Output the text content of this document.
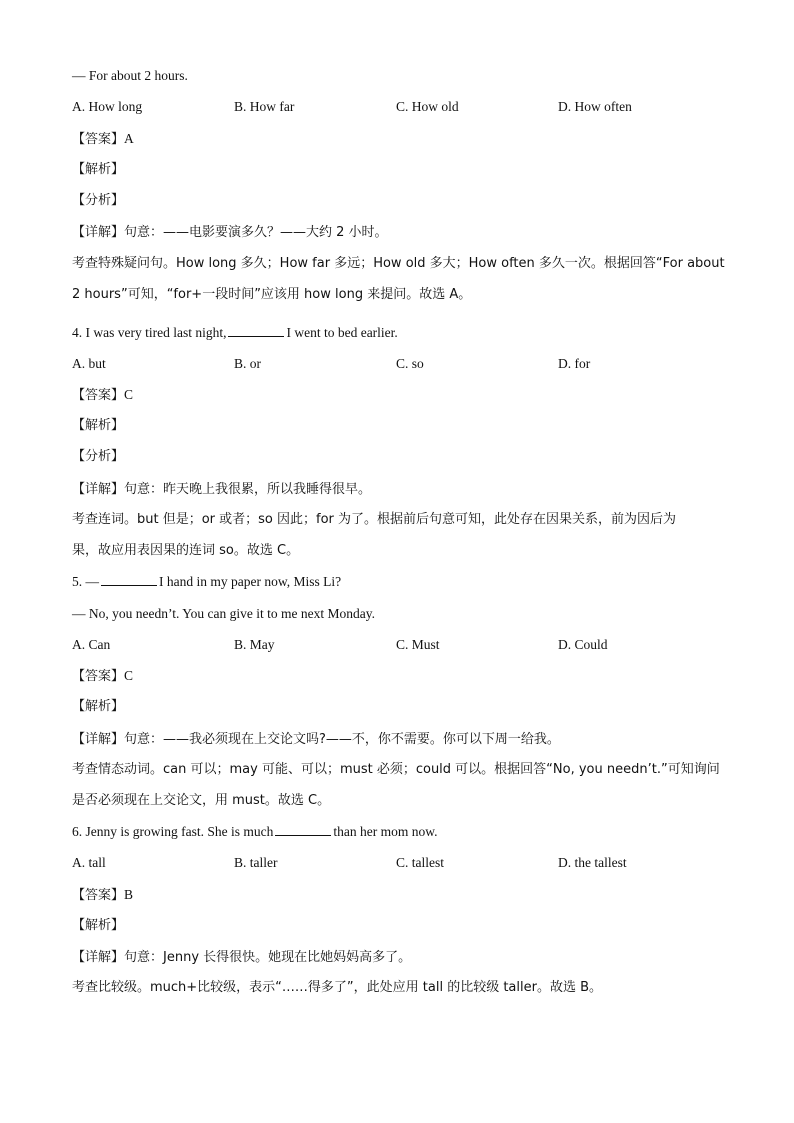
— For about 2 hours.
A. How long	B. How far	C. How old	D. How often
【答案】A
【解析】
【分析】
【详解】句意：——电影要演多久？——大约 2 小时。
考查特殊疑问句。How long 多久；How far 多远；How old 多大；How often 多久一次。根据回答“For about
2 hours”可知，“for+一段时间”应该用 how long 来提问。故选 A。
4. I was very tired last night,	I went to bed earlier.
A. but	B. or	C. so	D. for
【答案】C
【解析】
【分析】
【详解】句意：昨天晚上我很累，所以我睡得很早。
考查连词。but 但是；or 或者；so 因此；for 为了。根据前后句意可知，此处存在因果关系，前为因后为
果，故应用表因果的连词 so。故选 C。
5. —	I hand in my paper now, Miss Li?
— No, you needn’t. You can give it to me next Monday.
A. Can	B. May	C. Must	D. Could
【答案】C
【解析】
【详解】句意：——我必须现在上交论文吗?——不，你不需要。你可以下周一给我。
考查情态动词。can 可以；may 可能、可以；must 必须；could 可以。根据回答“No, you needn’t.”可知询问
是否必须现在上交论文，用 must。故选 C。
6. Jenny is growing fast. She is much	than her mom now.
A. tall	B. taller	C. tallest	D. the tallest
【答案】B
【解析】
【详解】句意：Jenny 长得很快。她现在比她妈妈高多了。
考查比较级。much+比较级，表示“……得多了”，此处应用 tall 的比较级 taller。故选 B。
